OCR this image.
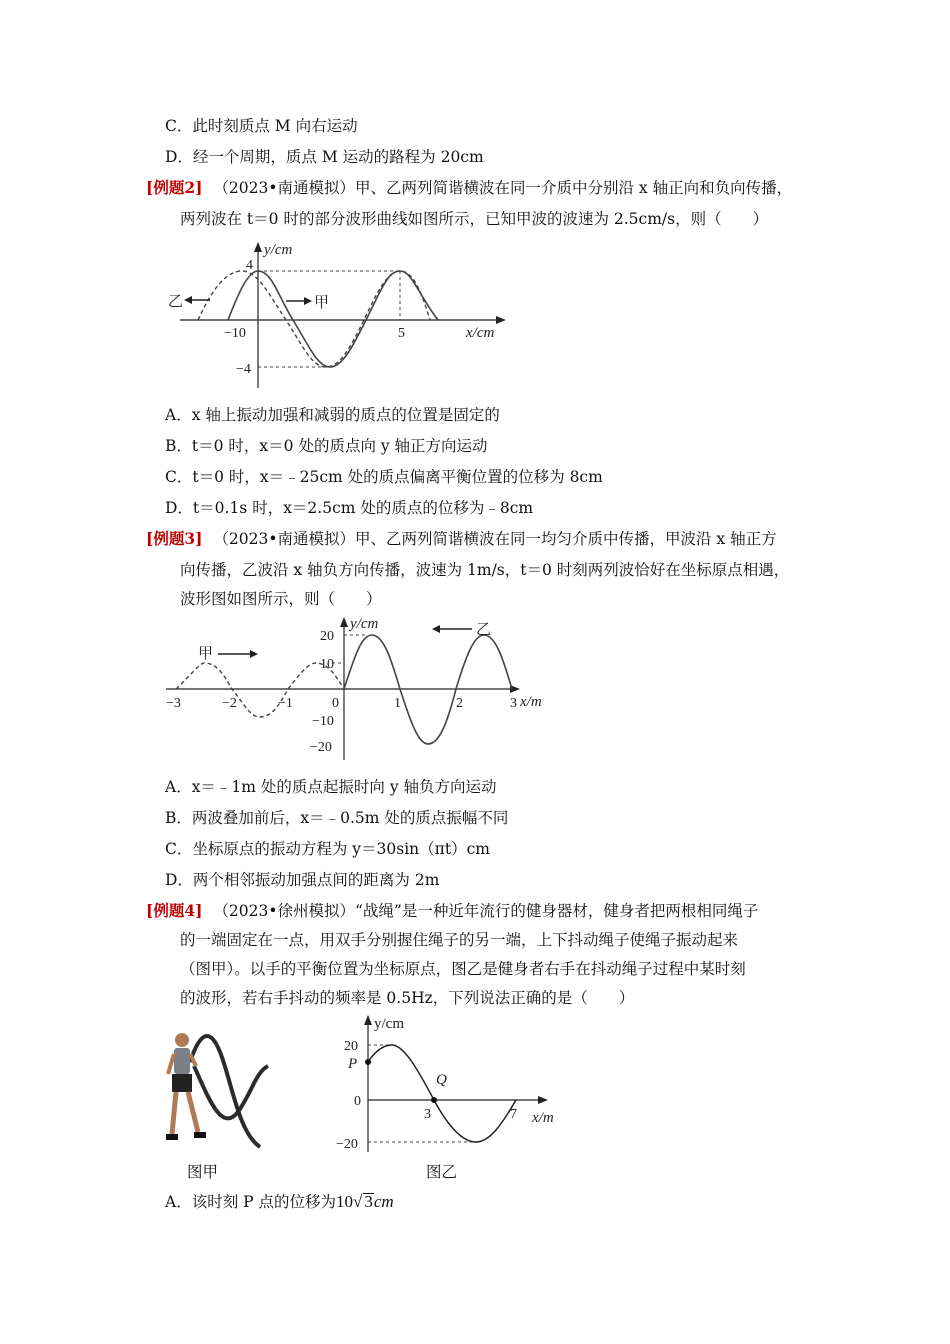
C．此时刻质点 M 向右运动
D．经一个周期，质点 M 运动的路程为 20cm
[例题2] （2023•南通模拟）甲、乙两列简谐横波在同一介质中分别沿 x 轴正向和负向传播，
两列波在 t＝0 时的部分波形曲线如图所示，已知甲波的波速为 2.5cm/s，则（　　）
乙	甲
y/cm
x/cm
4
−4
−10	5
A．x 轴上振动加强和减弱的质点的位置是固定的
B．t＝0 时，x＝0 处的质点向 y 轴正方向运动
C．t＝0 时，x＝﹣25cm 处的质点偏离平衡位置的位移为 8cm
D．t＝0.1s 时，x＝2.5cm 处的质点的位移为﹣8cm
[例题3] （2023•南通模拟）甲、乙两列简谐横波在同一均匀介质中传播，甲波沿 x 轴正方
向传播，乙波沿 x 轴负方向传播，波速为 1m/s，t＝0 时刻两列波恰好在坐标原点相遇，
波形图如图所示，则（　　）
甲
乙
y/cm
x/m
20
10
−10
−20
−3	−2	−1	0	1	2	3
A．x＝﹣1m 处的质点起振时向 y 轴负方向运动
B．两波叠加前后，x＝﹣0.5m 处的质点振幅不同
C．坐标原点的振动方程为 y＝30sin（πt）cm
D．两个相邻振动加强点间的距离为 2m
[例题4] （2023•徐州模拟）“战绳”是一种近年流行的健身器材，健身者把两根相同绳子
的一端固定在一点，用双手分别握住绳子的另一端，上下抖动绳子使绳子振动起来
（图甲）。以手的平衡位置为坐标原点，图乙是健身者右手在抖动绳子过程中某时刻
的波形，若右手抖动的频率是 0.5Hz，下列说法正确的是（　　）
图甲
y/cm
x/m
20
P
0
−20
3
Q
7
图乙
A．该时刻 P 点的位移为10√ 3cm
